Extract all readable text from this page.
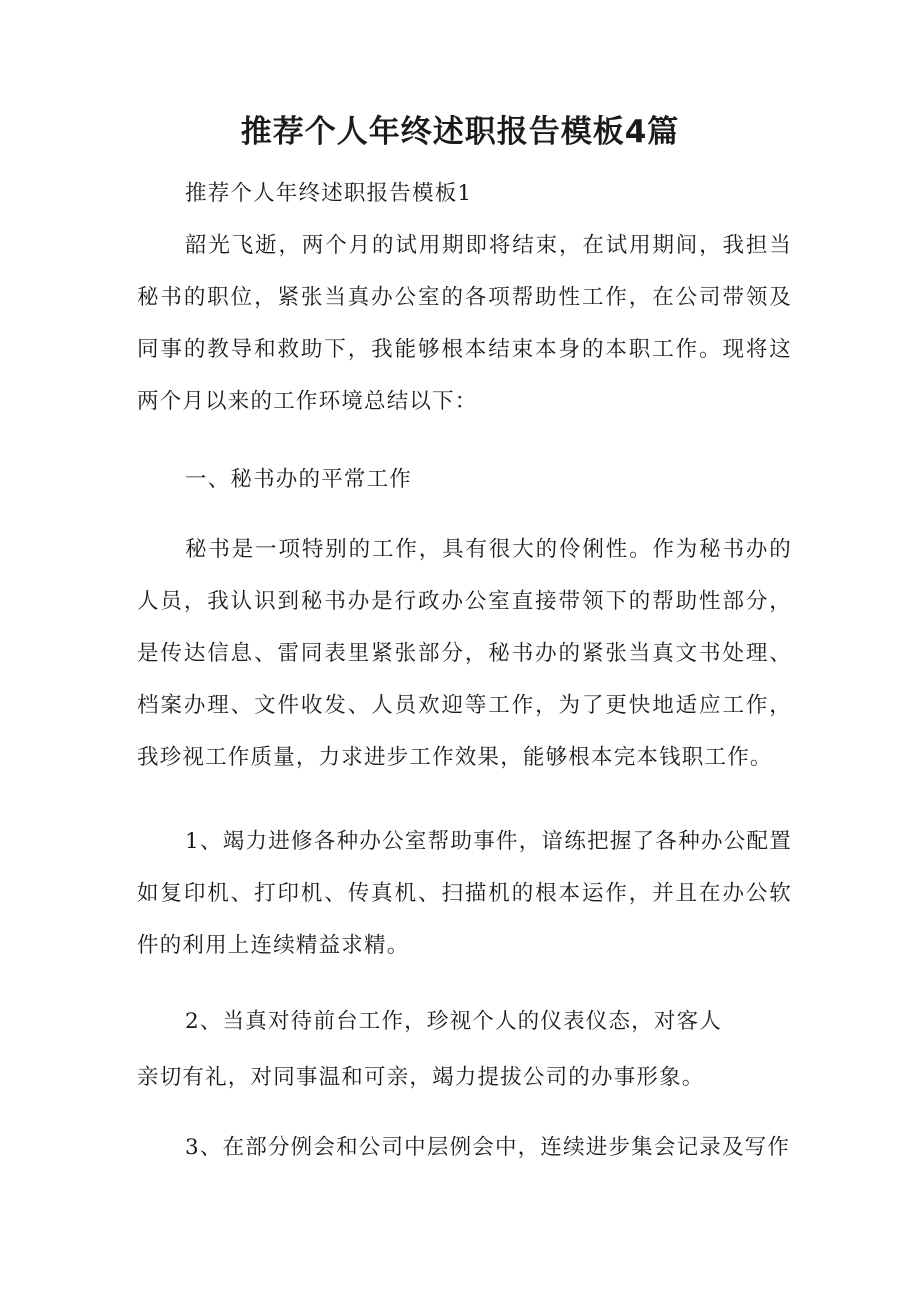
推荐个人年终述职报告模板4篇

推荐个人年终述职报告模板1

韶光飞逝，两个月的试用期即将结束，在试用期间，我担当秘书的职位，紧张当真办公室的各项帮助性工作，在公司带领及同事的教导和救助下，我能够根本结束本身的本职工作。现将这两个月以来的工作环境总结以下：

一、秘书办的平常工作

秘书是一项特别的工作，具有很大的伶俐性。作为秘书办的人员，我认识到秘书办是行政办公室直接带领下的帮助性部分，是传达信息、雷同表里紧张部分，秘书办的紧张当真文书处理、档案办理、文件收发、人员欢迎等工作，为了更快地适应工作，我珍视工作质量，力求进步工作效果，能够根本完本钱职工作。

1、竭力进修各种办公室帮助事件，谙练把握了各种办公配置如复印机、打印机、传真机、扫描机的根本运作，并且在办公软件的利用上连续精益求精。

2、当真对待前台工作，珍视个人的仪表仪态，对客人

亲切有礼，对同事温和可亲，竭力提拔公司的办事形象。

3、在部分例会和公司中层例会中，连续进步集会记录及写作
